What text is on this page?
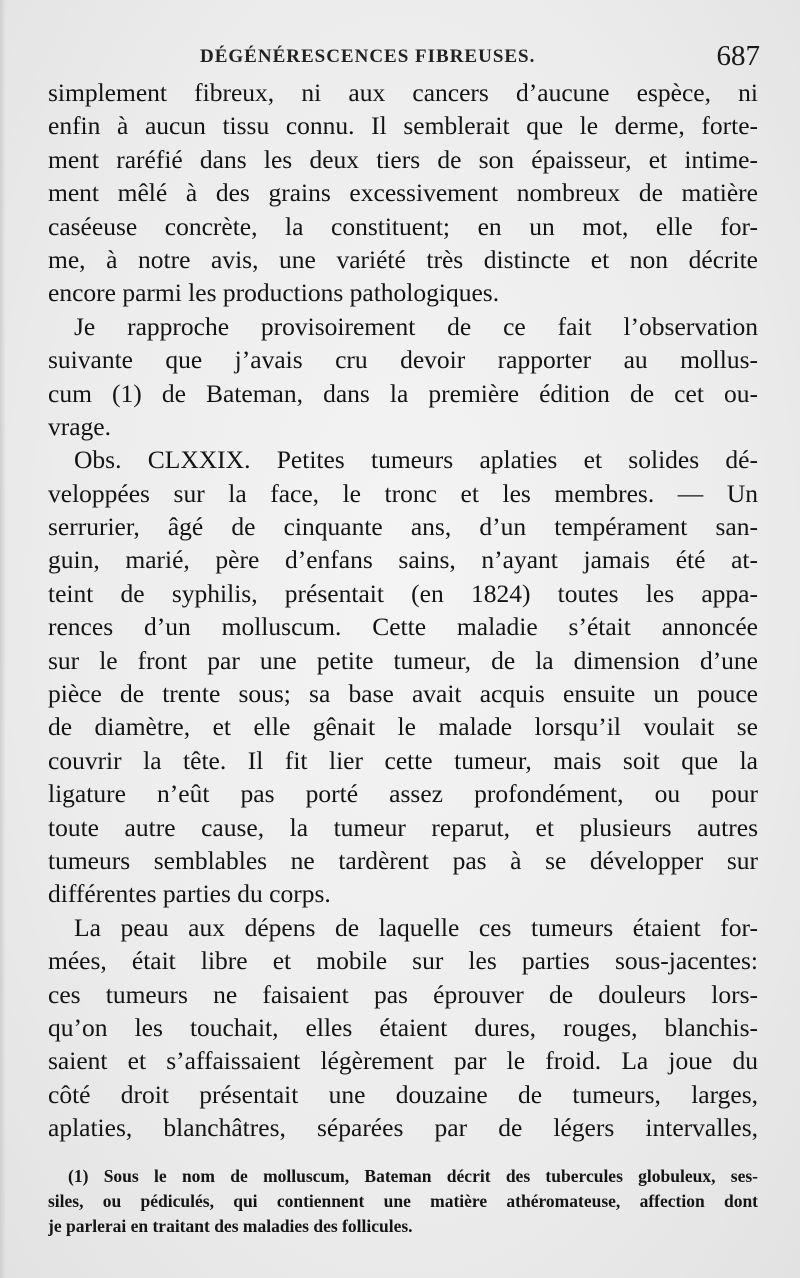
DÉGÉNÉRESCENCES FIBREUSES.	687
simplement fibreux, ni aux cancers d’aucune espèce, ni
enfin à aucun tissu connu. Il semblerait que le derme, forte-
ment raréfié dans les deux tiers de son épaisseur, et intime-
ment mêlé à des grains excessivement nombreux de matière
caséeuse concrète, la constituent; en un mot, elle for-
me, à notre avis, une variété très distincte et non décrite
encore parmi les productions pathologiques.
Je rapproche provisoirement de ce fait l’observation
suivante que j’avais cru devoir rapporter au mollus-
cum (1) de Bateman, dans la première édition de cet ou-
vrage.
Obs. CLXXIX. Petites tumeurs aplaties et solides dé-
veloppées sur la face, le tronc et les membres. — Un
serrurier, âgé de cinquante ans, d’un tempérament san-
guin, marié, père d’enfans sains, n’ayant jamais été at-
teint de syphilis, présentait (en 1824) toutes les appa-
rences d’un molluscum. Cette maladie s’était annoncée
sur le front par une petite tumeur, de la dimension d’une
pièce de trente sous; sa base avait acquis ensuite un pouce
de diamètre, et elle gênait le malade lorsqu’il voulait se
couvrir la tête. Il fit lier cette tumeur, mais soit que la
ligature n’eût pas porté assez profondément, ou pour
toute autre cause, la tumeur reparut, et plusieurs autres
tumeurs semblables ne tardèrent pas à se développer sur
différentes parties du corps.
La peau aux dépens de laquelle ces tumeurs étaient for-
mées, était libre et mobile sur les parties sous-jacentes:
ces tumeurs ne faisaient pas éprouver de douleurs lors-
qu’on les touchait, elles étaient dures, rouges, blanchis-
saient et s’affaissaient légèrement par le froid. La joue du
côté droit présentait une douzaine de tumeurs, larges,
aplaties, blanchâtres, séparées par de légers intervalles,
(1) Sous le nom de molluscum, Bateman décrit des tubercules globuleux, ses-
siles, ou pédiculés, qui contiennent une matière athéromateuse, affection dont
je parlerai en traitant des maladies des follicules.
